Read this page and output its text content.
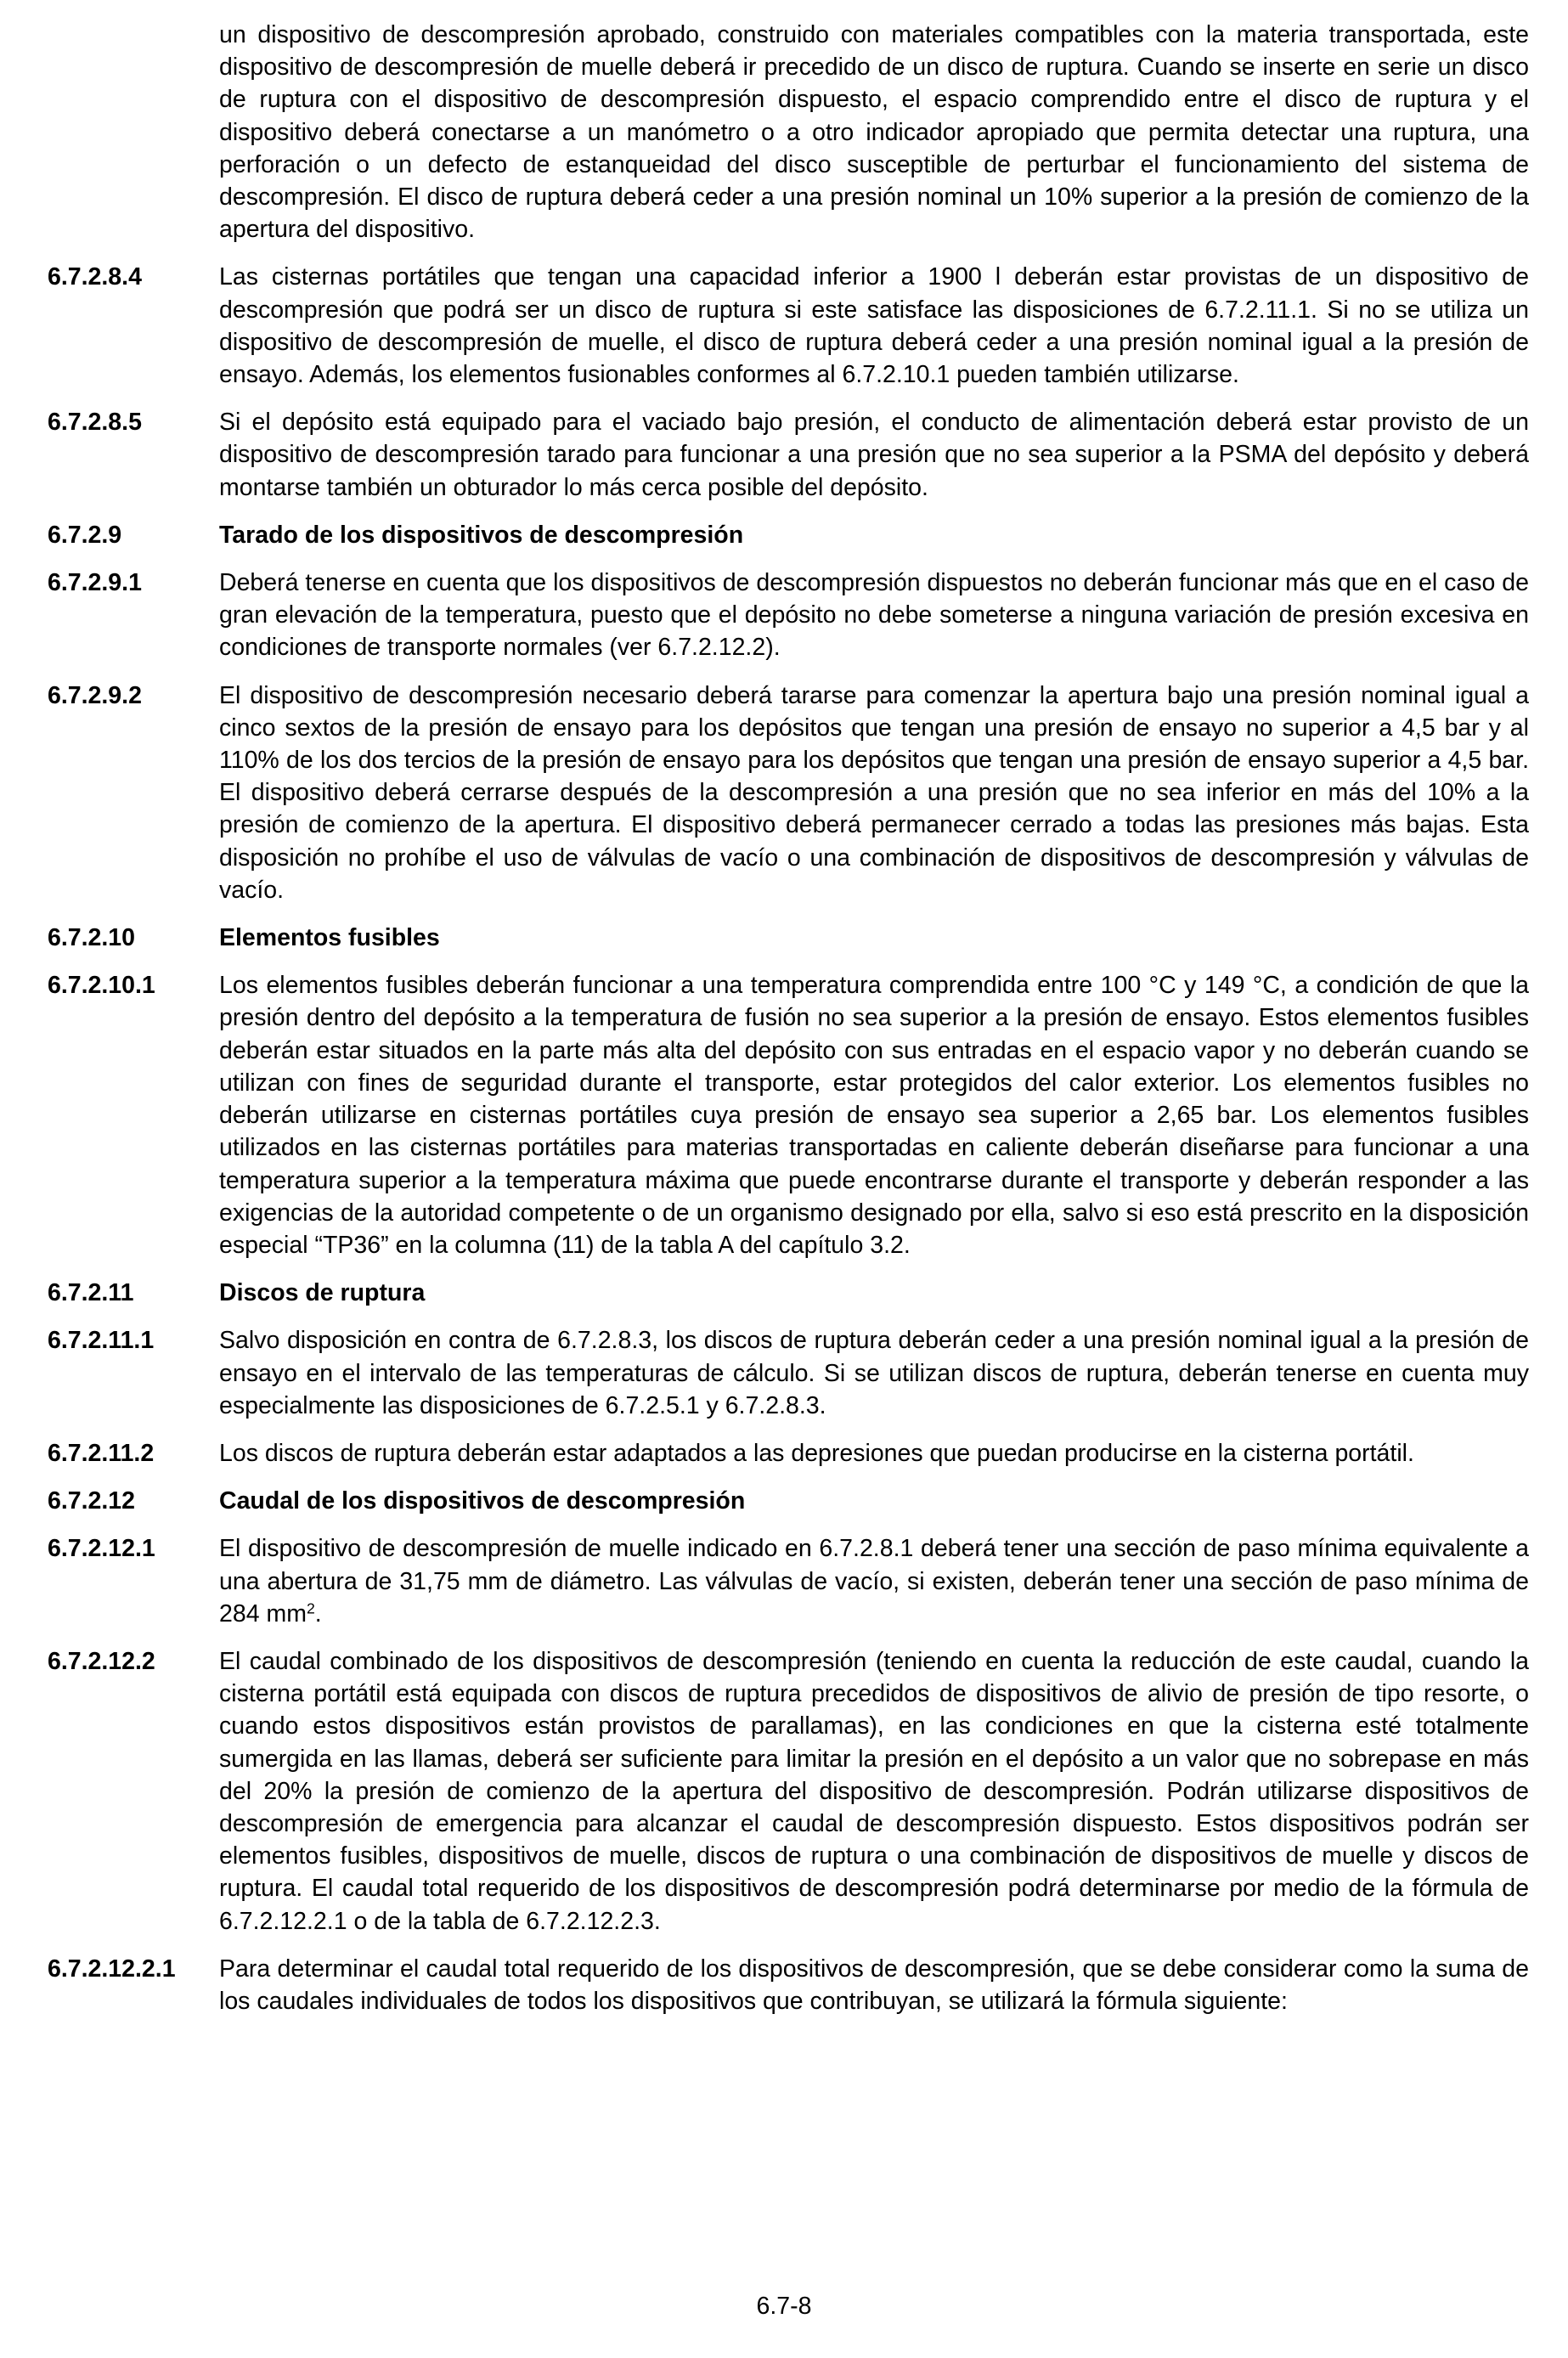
un dispositivo de descompresión aprobado, construido con materiales compatibles con la materia transportada, este dispositivo de descompresión de muelle deberá ir precedido de un disco de ruptura. Cuando se inserte en serie un disco de ruptura con el dispositivo de descompresión dispuesto, el espacio comprendido entre el disco de ruptura y el dispositivo deberá conectarse a un manómetro o a otro indicador apropiado que permita detectar una ruptura, una perforación o un defecto de estanqueidad del disco susceptible de perturbar el funcionamiento del sistema de descompresión. El disco de ruptura deberá ceder a una presión nominal un 10% superior a la presión de comienzo de la apertura del dispositivo.
6.7.2.8.4	Las cisternas portátiles que tengan una capacidad inferior a 1900 l deberán estar provistas de un dispositivo de descompresión que podrá ser un disco de ruptura si este satisface las disposiciones de 6.7.2.11.1. Si no se utiliza un dispositivo de descompresión de muelle, el disco de ruptura deberá ceder a una presión nominal igual a la presión de ensayo. Además, los elementos fusionables conformes al 6.7.2.10.1 pueden también utilizarse.
6.7.2.8.5	Si el depósito está equipado para el vaciado bajo presión, el conducto de alimentación deberá estar provisto de un dispositivo de descompresión tarado para funcionar a una presión que no sea superior a la PSMA del depósito y deberá montarse también un obturador lo más cerca posible del depósito.
6.7.2.9	Tarado de los dispositivos de descompresión
6.7.2.9.1	Deberá tenerse en cuenta que los dispositivos de descompresión dispuestos no deberán funcionar más que en el caso de gran elevación de la temperatura, puesto que el depósito no debe someterse a ninguna variación de presión excesiva en condiciones de transporte normales (ver 6.7.2.12.2).
6.7.2.9.2	El dispositivo de descompresión necesario deberá tararse para comenzar la apertura bajo una presión nominal igual a cinco sextos de la presión de ensayo para los depósitos que tengan una presión de ensayo no superior a 4,5 bar y al 110% de los dos tercios de la presión de ensayo para los depósitos que tengan una presión de ensayo superior a 4,5 bar. El dispositivo deberá cerrarse después de la descompresión a una presión que no sea inferior en más del 10% a la presión de comienzo de la apertura. El dispositivo deberá permanecer cerrado a todas las presiones más bajas. Esta disposición no prohíbe el uso de válvulas de vacío o una combinación de dispositivos de descompresión y válvulas de vacío.
6.7.2.10	Elementos fusibles
6.7.2.10.1	Los elementos fusibles deberán funcionar a una temperatura comprendida entre 100 °C y 149 °C, a condición de que la presión dentro del depósito a la temperatura de fusión no sea superior a la presión de ensayo. Estos elementos fusibles deberán estar situados en la parte más alta del depósito con sus entradas en el espacio vapor y no deberán cuando se utilizan con fines de seguridad durante el transporte, estar protegidos del calor exterior. Los elementos fusibles no deberán utilizarse en cisternas portátiles cuya presión de ensayo sea superior a 2,65 bar. Los elementos fusibles utilizados en las cisternas portátiles para materias transportadas en caliente deberán diseñarse para funcionar a una temperatura superior a la temperatura máxima que puede encontrarse durante el transporte y deberán responder a las exigencias de la autoridad competente o de un organismo designado por ella, salvo si eso está prescrito en la disposición especial “TP36” en la columna (11) de la tabla A del capítulo 3.2.
6.7.2.11	Discos de ruptura
6.7.2.11.1	Salvo disposición en contra de 6.7.2.8.3, los discos de ruptura deberán ceder a una presión nominal igual a la presión de ensayo en el intervalo de las temperaturas de cálculo. Si se utilizan discos de ruptura, deberán tenerse en cuenta muy especialmente las disposiciones de 6.7.2.5.1 y 6.7.2.8.3.
6.7.2.11.2	Los discos de ruptura deberán estar adaptados a las depresiones que puedan producirse en la cisterna portátil.
6.7.2.12	Caudal de los dispositivos de descompresión
6.7.2.12.1	El dispositivo de descompresión de muelle indicado en 6.7.2.8.1 deberá tener una sección de paso mínima equivalente a una abertura de 31,75 mm de diámetro. Las válvulas de vacío, si existen, deberán tener una sección de paso mínima de 284 $mm^2$.
6.7.2.12.2	El caudal combinado de los dispositivos de descompresión (teniendo en cuenta la reducción de este caudal, cuando la cisterna portátil está equipada con discos de ruptura precedidos de dispositivos de alivio de presión de tipo resorte, o cuando estos dispositivos están provistos de parallamas), en las condiciones en que la cisterna esté totalmente sumergida en las llamas, deberá ser suficiente para limitar la presión en el depósito a un valor que no sobrepase en más del 20% la presión de comienzo de la apertura del dispositivo de descompresión. Podrán utilizarse dispositivos de descompresión de emergencia para alcanzar el caudal de descompresión dispuesto. Estos dispositivos podrán ser elementos fusibles, dispositivos de muelle, discos de ruptura o una combinación de dispositivos de muelle y discos de ruptura. El caudal total requerido de los dispositivos de descompresión podrá determinarse por medio de la fórmula de 6.7.2.12.2.1 o de la tabla de 6.7.2.12.2.3.
6.7.2.12.2.1	Para determinar el caudal total requerido de los dispositivos de descompresión, que se debe considerar como la suma de los caudales individuales de todos los dispositivos que contribuyan, se utilizará la fórmula siguiente:
6.7-8
